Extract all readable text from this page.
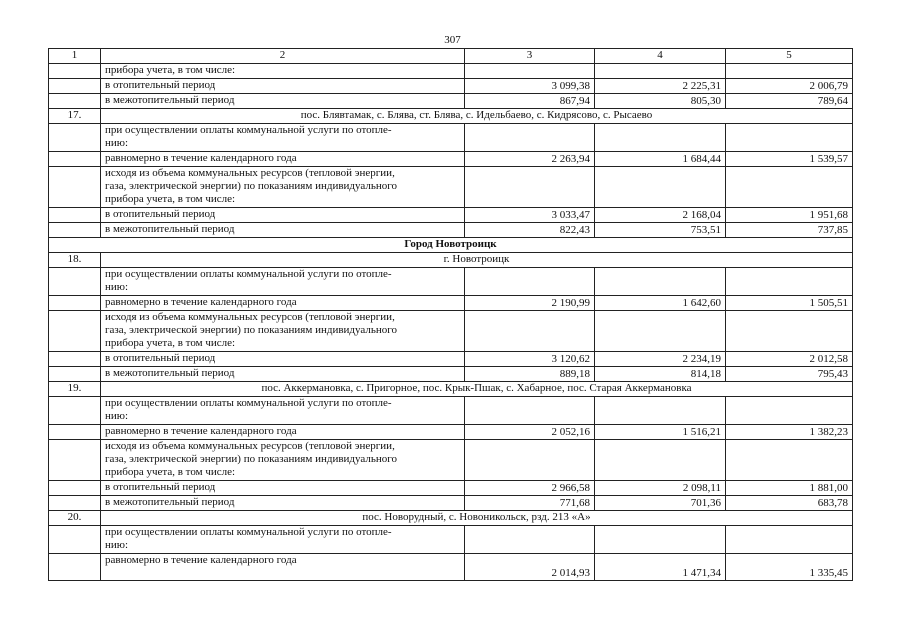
307
1	2	3	4	5
	прибора учета, в том числе:			
	в отопительный период	3 099,38	2 225,31	2 006,79
	в межотопительный период	867,94	805,30	789,64
17.	пос. Блявтамак, с. Блява, ст. Блява, с. Идельбаево, с. Кидрясово, с. Рысаево			
	при осуществлении оплаты коммунальной услуги по отопле-
нию:			
	равномерно в течение календарного года	2 263,94	1 684,44	1 539,57
	исходя из объема коммунальных ресурсов (тепловой энергии,
газа, электрической энергии) по показаниям индивидуального
прибора учета, в том числе:			
	в отопительный период	3 033,47	2 168,04	1 951,68
	в межотопительный период	822,43	753,51	737,85
Город Новотроицк				
18.	г. Новотроицк			
	при осуществлении оплаты коммунальной услуги по отопле-
нию:			
	равномерно в течение календарного года	2 190,99	1 642,60	1 505,51
	исходя из объема коммунальных ресурсов (тепловой энергии,
газа, электрической энергии) по показаниям индивидуального
прибора учета, в том числе:			
	в отопительный период	3 120,62	2 234,19	2 012,58
	в межотопительный период	889,18	814,18	795,43
19.	пос. Аккермановка, с. Пригорное, пос. Крык-Пшак, с. Хабарное, пос. Старая Аккермановка			
	при осуществлении оплаты коммунальной услуги по отопле-
нию:			
	равномерно в течение календарного года	2 052,16	1 516,21	1 382,23
	исходя из объема коммунальных ресурсов (тепловой энергии,
газа, электрической энергии) по показаниям индивидуального
прибора учета, в том числе:			
	в отопительный период	2 966,58	2 098,11	1 881,00
	в межотопительный период	771,68	701,36	683,78
20.	пос. Новорудный, с. Новоникольск, рзд. 213 «А»			
	при осуществлении оплаты коммунальной услуги по отопле-
нию:			
	равномерно в течение календарного года	2 014,93	1 471,34	1 335,45
